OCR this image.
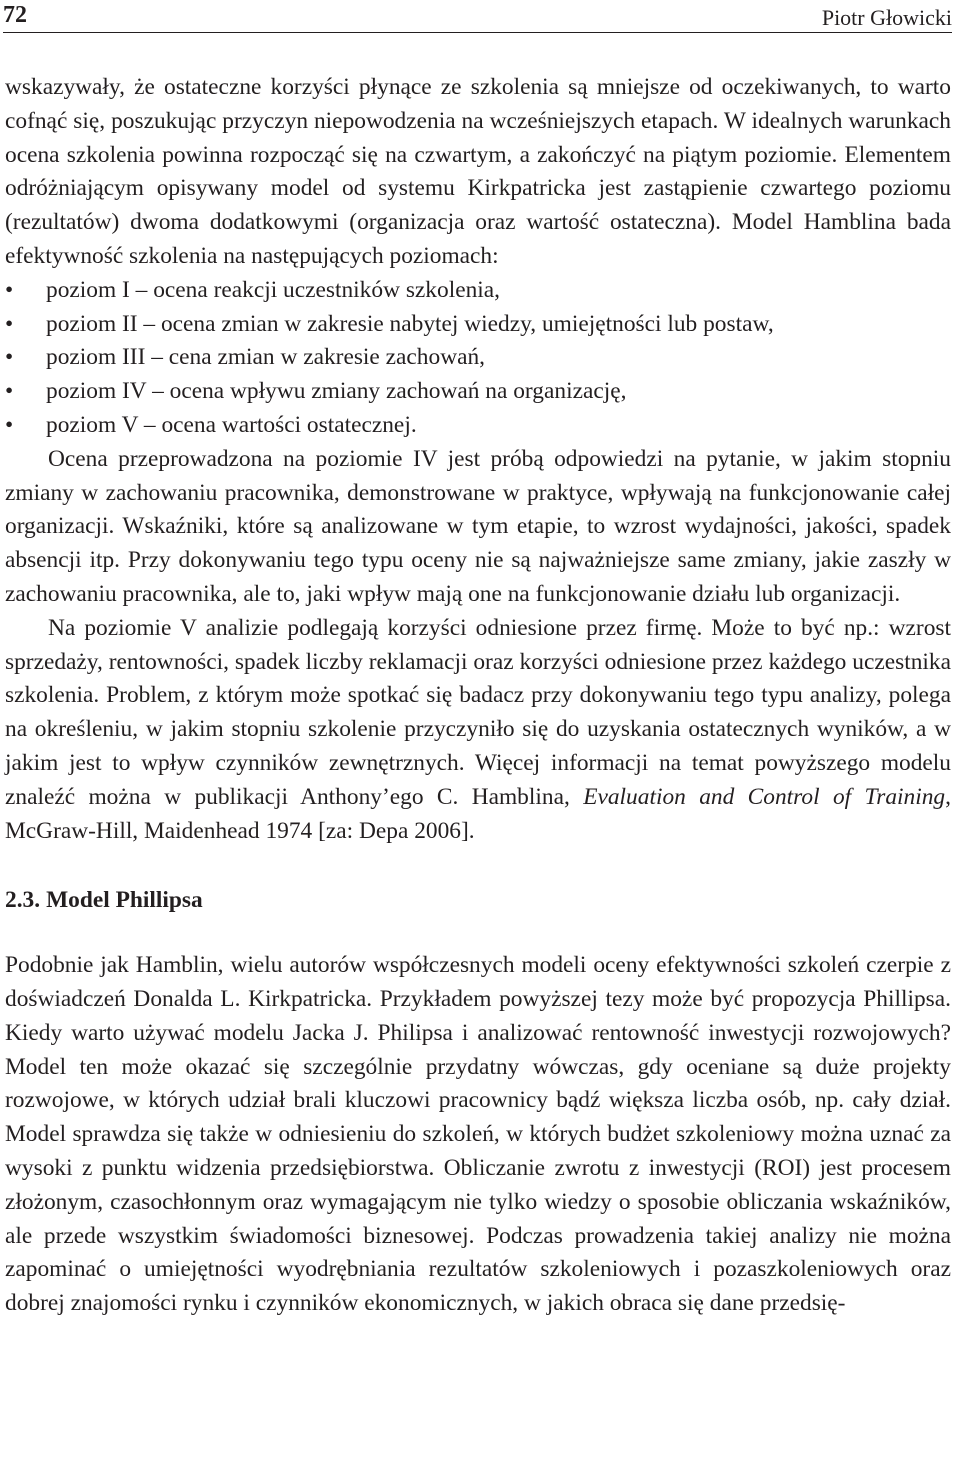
72	Piotr Głowicki

wskazywały, że ostateczne korzyści płynące ze szkolenia są mniejsze od oczekiwanych, to warto cofnąć się, poszukując przyczyn niepowodzenia na wcześniejszych etapach. W idealnych warunkach ocena szkolenia powinna rozpocząć się na czwartym, a zakończyć na piątym poziomie. Elementem odróżniającym opisywany model od systemu Kirkpatricka jest zastąpienie czwartego poziomu (rezultatów) dwoma dodatkowymi (organizacja oraz wartość ostateczna). Model Hamblina bada efektywność szkolenia na następujących poziomach:

•	poziom I – ocena reakcji uczestników szkolenia,
•	poziom II – ocena zmian w zakresie nabytej wiedzy, umiejętności lub postaw,
•	poziom III – cena zmian w zakresie zachowań,
•	poziom IV – ocena wpływu zmiany zachowań na organizację,
•	poziom V – ocena wartości ostatecznej.

Ocena przeprowadzona na poziomie IV jest próbą odpowiedzi na pytanie, w jakim stopniu zmiany w zachowaniu pracownika, demonstrowane w praktyce, wpływają na funkcjonowanie całej organizacji. Wskaźniki, które są analizowane w tym etapie, to wzrost wydajności, jakości, spadek absencji itp. Przy dokonywaniu tego typu oceny nie są najważniejsze same zmiany, jakie zaszły w zachowaniu pracownika, ale to, jaki wpływ mają one na funkcjonowanie działu lub organizacji.

Na poziomie V analizie podlegają korzyści odniesione przez firmę. Może to być np.: wzrost sprzedaży, rentowności, spadek liczby reklamacji oraz korzyści odniesione przez każdego uczestnika szkolenia. Problem, z którym może spotkać się badacz przy dokonywaniu tego typu analizy, polega na określeniu, w jakim stopniu szkolenie przyczyniło się do uzyskania ostatecznych wyników, a w jakim jest to wpływ czynników zewnętrznych. Więcej informacji na temat powyższego modelu znaleźć można w publikacji Anthony’ego C. Hamblina, Evaluation and Control of Training, McGraw-Hill, Maidenhead 1974 [za: Depa 2006].

2.3. Model Phillipsa

Podobnie jak Hamblin, wielu autorów współczesnych modeli oceny efektywności szkoleń czerpie z doświadczeń Donalda L. Kirkpatricka. Przykładem powyższej tezy może być propozycja Phillipsa. Kiedy warto używać modelu Jacka J. Philipsa i analizować rentowność inwestycji rozwojowych? Model ten może okazać się szczególnie przydatny wówczas, gdy oceniane są duże projekty rozwojowe, w których udział brali kluczowi pracownicy bądź większa liczba osób, np. cały dział. Model sprawdza się także w odniesieniu do szkoleń, w których budżet szkoleniowy można uznać za wysoki z punktu widzenia przedsiębiorstwa. Obliczanie zwrotu z inwestycji (ROI) jest procesem złożonym, czasochłonnym oraz wymagającym nie tylko wiedzy o sposobie obliczania wskaźników, ale przede wszystkim świadomości biznesowej. Podczas prowadzenia takiej analizy nie można zapominać o umiejętności wyodrębniania rezultatów szkoleniowych i pozaszkoleniowych oraz dobrej znajomości rynku i czynników ekonomicznych, w jakich obraca się dane przedsię-
